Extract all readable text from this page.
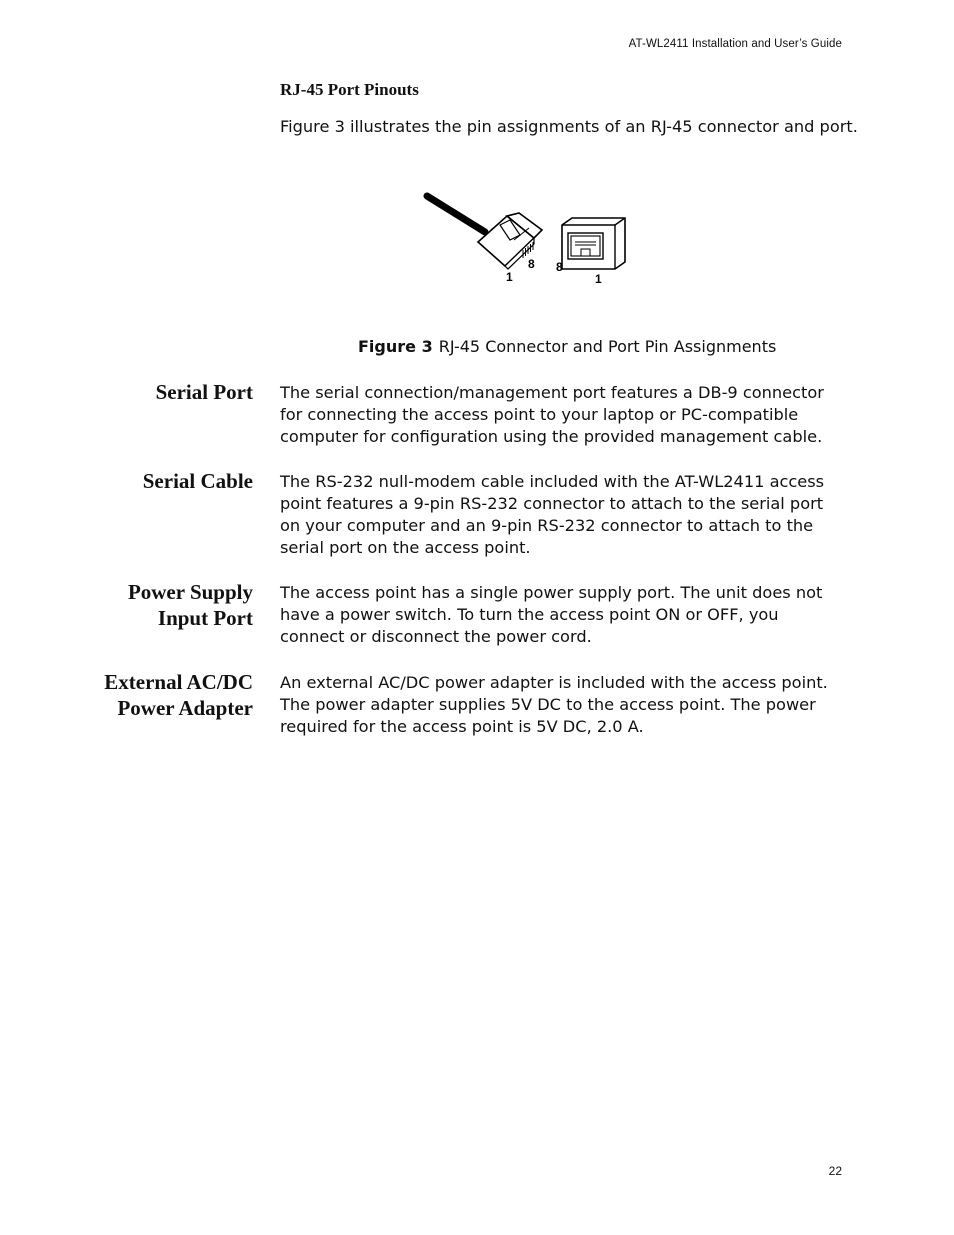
AT-WL2411 Installation and User’s Guide
RJ-45 Port Pinouts
Figure 3 illustrates the pin assignments of an RJ-45 connector and port.
1
8 8
1
Figure 3 RJ-45 Connector and Port Pin Assignments
Serial Port The serial connection/management port features a DB-9 connector for connecting the access point to your laptop or PC-compatible computer for configuration using the provided management cable.
Serial Cable The RS-232 null-modem cable included with the AT-WL2411 access point features a 9-pin RS-232 connector to attach to the serial port on your computer and an 9-pin RS-232 connector to attach to the serial port on the access point.
Power Supply
Input Port
The access point has a single power supply port. The unit does not have a power switch. To turn the access point ON or OFF, you connect or disconnect the power cord.
External AC/DC
Power Adapter
An external AC/DC power adapter is included with the access point. The power adapter supplies 5V DC to the access point. The power required for the access point is 5V DC, 2.0 A.
22
